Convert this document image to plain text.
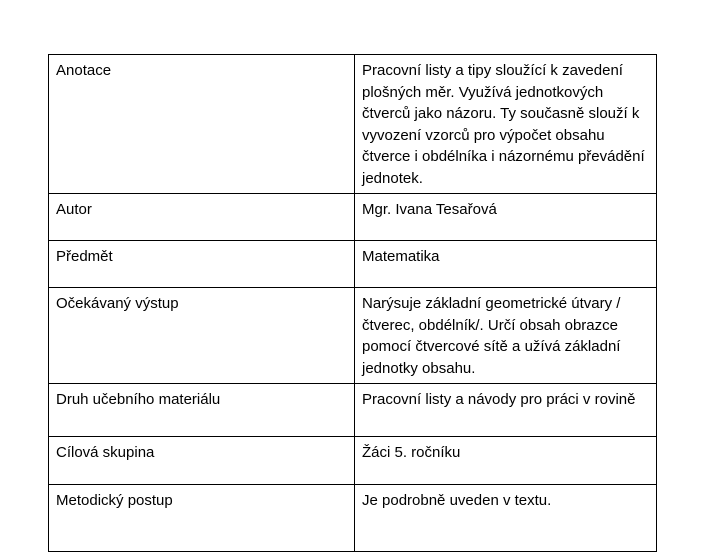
Anotace	Pracovní listy a tipy sloužící k zavedení plošných měr. Využívá jednotkových čtverců jako názoru. Ty současně slouží k vyvození vzorců pro výpočet obsahu čtverce i obdélníka i názornému převádění jednotek.
Autor	Mgr. Ivana Tesařová
Předmět	Matematika
Očekávaný výstup	Narýsuje základní geometrické útvary /čtverec, obdélník/. Určí obsah obrazce pomocí čtvercové sítě a užívá základní jednotky obsahu.
Druh učebního materiálu	Pracovní listy a návody pro práci v rovině
Cílová skupina	Žáci 5. ročníku
Metodický postup	Je podrobně uveden v textu.
